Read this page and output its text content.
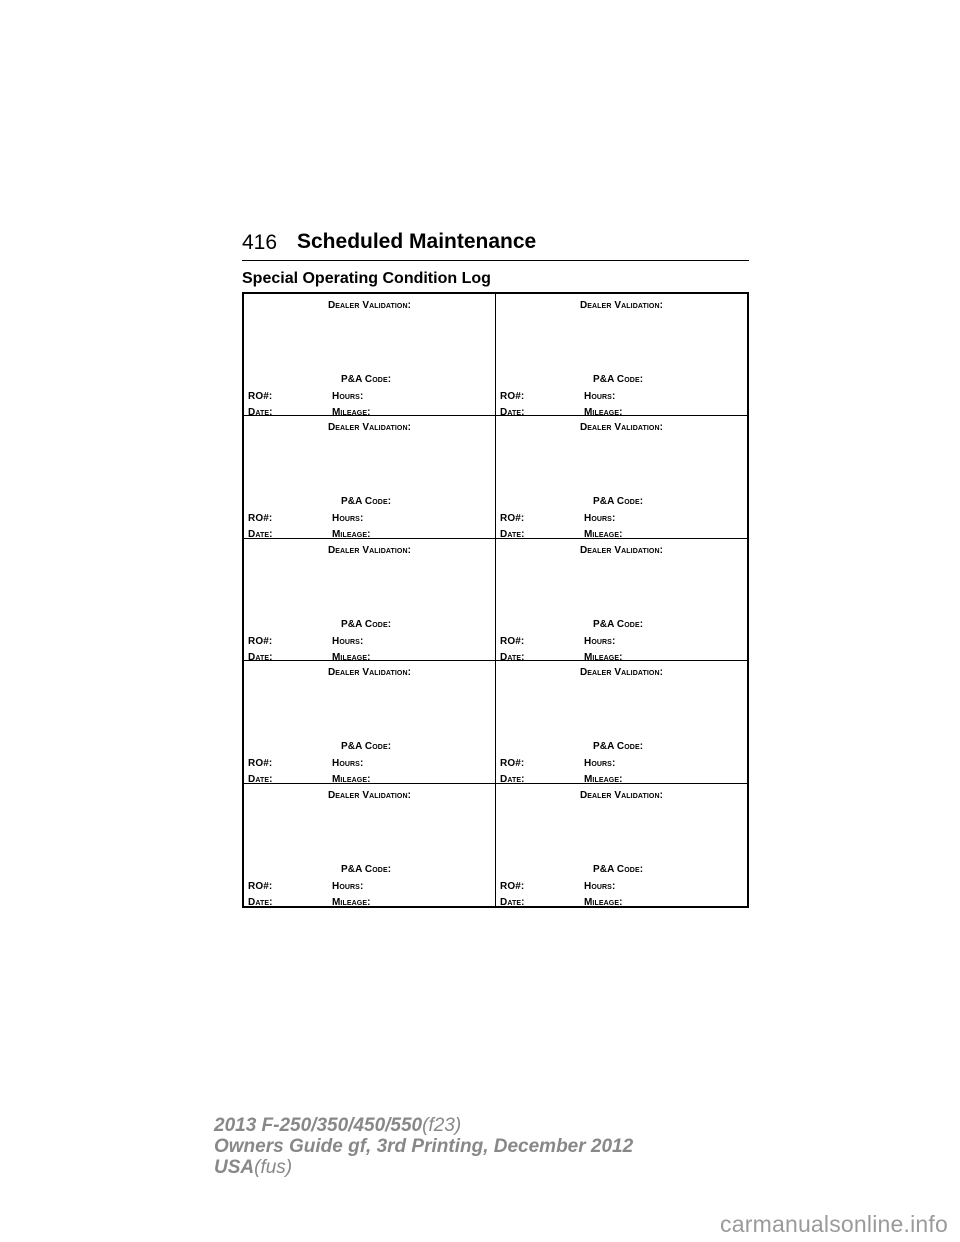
416 Scheduled Maintenance
Special Operating Condition Log
Dealer Validation:
P&A Code:
RO#:	Hours:
Date:	Mileage:
Dealer Validation:
P&A Code:
RO#:	Hours:
Date:	Mileage:
Dealer Validation:
P&A Code:
RO#:	Hours:
Date:	Mileage:
Dealer Validation:
P&A Code:
RO#:	Hours:
Date:	Mileage:
Dealer Validation:
P&A Code:
RO#:	Hours:
Date:	Mileage:
Dealer Validation:
P&A Code:
RO#:	Hours:
Date:	Mileage:
Dealer Validation:
P&A Code:
RO#:	Hours:
Date:	Mileage:
Dealer Validation:
P&A Code:
RO#:	Hours:
Date:	Mileage:
Dealer Validation:
P&A Code:
RO#:	Hours:
Date:	Mileage:
Dealer Validation:
P&A Code:
RO#:	Hours:
Date:	Mileage:
2013 F-250/350/450/550(f23)
Owners Guide gf, 3rd Printing, December 2012
USA(fus)
carmanualsonline.info
